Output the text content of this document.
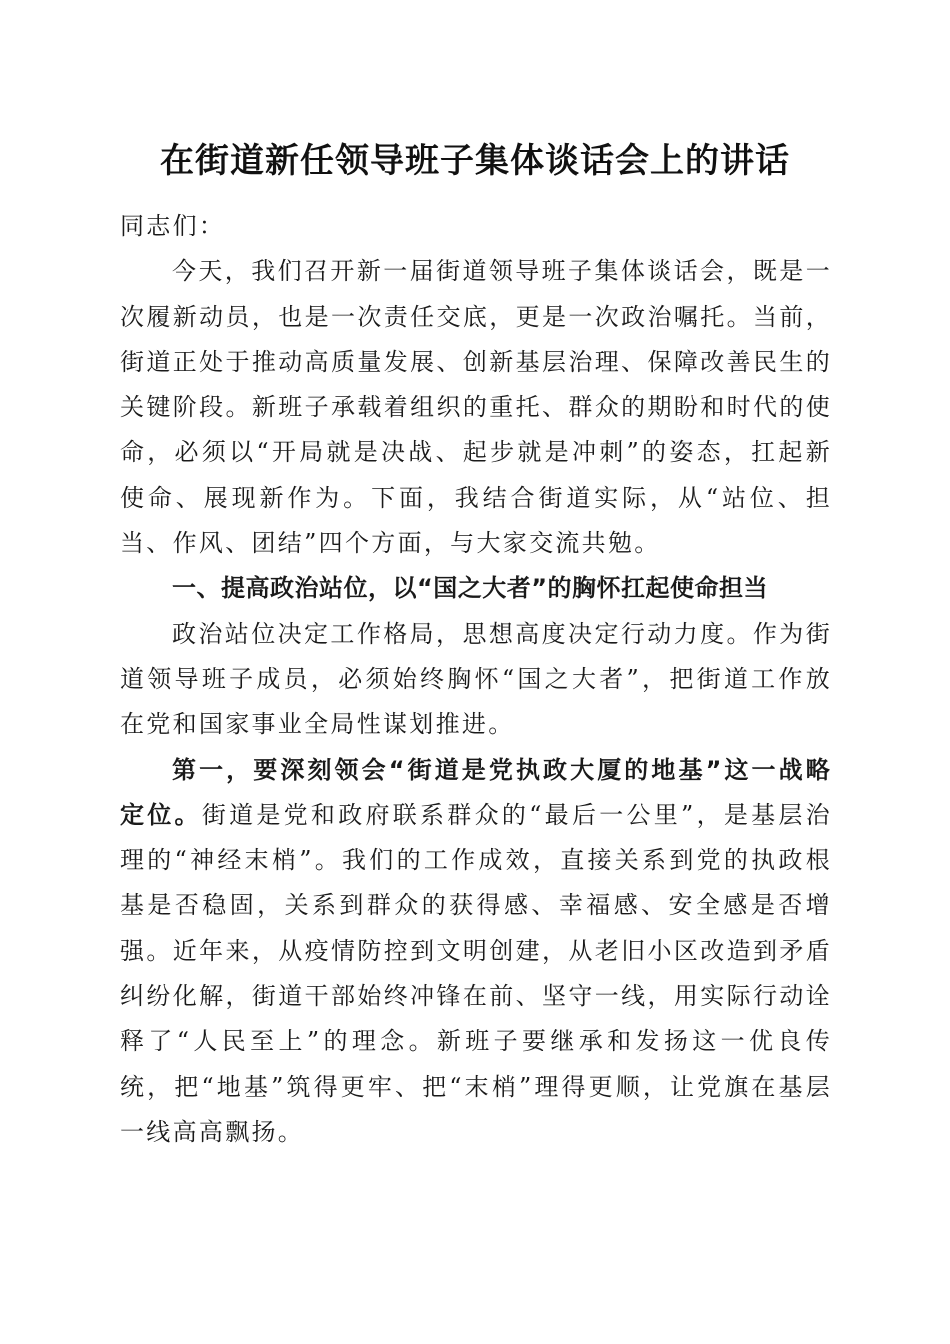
在街道新任领导班子集体谈话会上的讲话

同志们：

今天，我们召开新一届街道领导班子集体谈话会，既是一次履新动员，也是一次责任交底，更是一次政治嘱托。当前，街道正处于推动高质量发展、创新基层治理、保障改善民生的关键阶段。新班子承载着组织的重托、群众的期盼和时代的使命，必须以“开局就是决战、起步就是冲刺”的姿态，扛起新使命、展现新作为。下面，我结合街道实际，从“站位、担当、作风、团结”四个方面，与大家交流共勉。

一、提高政治站位，以“国之大者”的胸怀扛起使命担当

政治站位决定工作格局，思想高度决定行动力度。作为街道领导班子成员，必须始终胸怀“国之大者”，把街道工作放在党和国家事业全局性谋划推进。

第一，要深刻领会“街道是党执政大厦的地基”这一战略定位。街道是党和政府联系群众的“最后一公里”，是基层治理的“神经末梢”。我们的工作成效，直接关系到党的执政根基是否稳固，关系到群众的获得感、幸福感、安全感是否增强。近年来，从疫情防控到文明创建，从老旧小区改造到矛盾纠纷化解，街道干部始终冲锋在前、坚守一线，用实际行动诠释了“人民至上”的理念。新班子要继承和发扬这一优良传统，把“地基”筑得更牢、把“末梢”理得更顺，让党旗在基层一线高高飘扬。
